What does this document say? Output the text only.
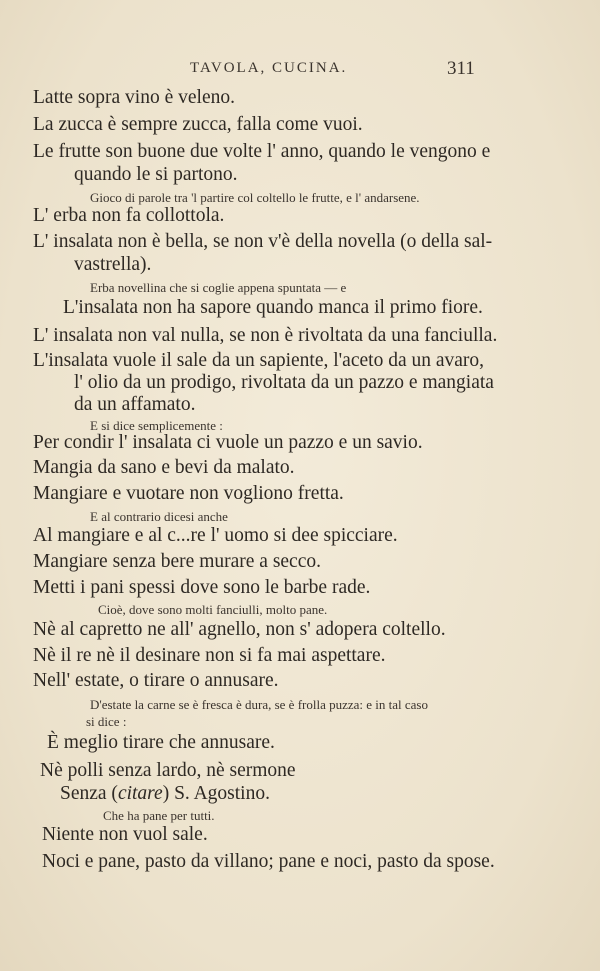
TAVOLA, CUCINA.	311
Latte sopra vino è veleno.
La zucca è sempre zucca, falla come vuoi.
Le frutte son buone due volte l' anno, quando le vengono e
quando le si partono.
Gioco di parole tra 'l partire col coltello le frutte, e l' andarsene.
L' erba non fa collottola.
L' insalata non è bella, se non v'è della novella (o della sal-
vastrella).
Erba novellina che si coglie appena spuntata — e
L'insalata non ha sapore quando manca il primo fiore.
L' insalata non val nulla, se non è rivoltata da una fanciulla.
L'insalata vuole il sale da un sapiente, l'aceto da un avaro,
l' olio da un prodigo, rivoltata da un pazzo e mangiata
da un affamato.
E si dice semplicemente :
Per condir l' insalata ci vuole un pazzo e un savio.
Mangia da sano e bevi da malato.
Mangiare e vuotare non vogliono fretta.
E al contrario dicesi anche
Al mangiare e al c...re l' uomo si dee spicciare.
Mangiare senza bere murare a secco.
Metti i pani spessi dove sono le barbe rade.
Cioè, dove sono molti fanciulli, molto pane.
Nè al capretto ne all' agnello, non s' adopera coltello.
Nè il re nè il desinare non si fa mai aspettare.
Nell' estate, o tirare o annusare.
D'estate la carne se è fresca è dura, se è frolla puzza: e in tal caso
si dice :
È meglio tirare che annusare.
Nè polli senza lardo, nè sermone
Senza (citare) S. Agostino.
Che ha pane per tutti.
Niente non vuol sale.
Noci e pane, pasto da villano; pane e noci, pasto da spose.
